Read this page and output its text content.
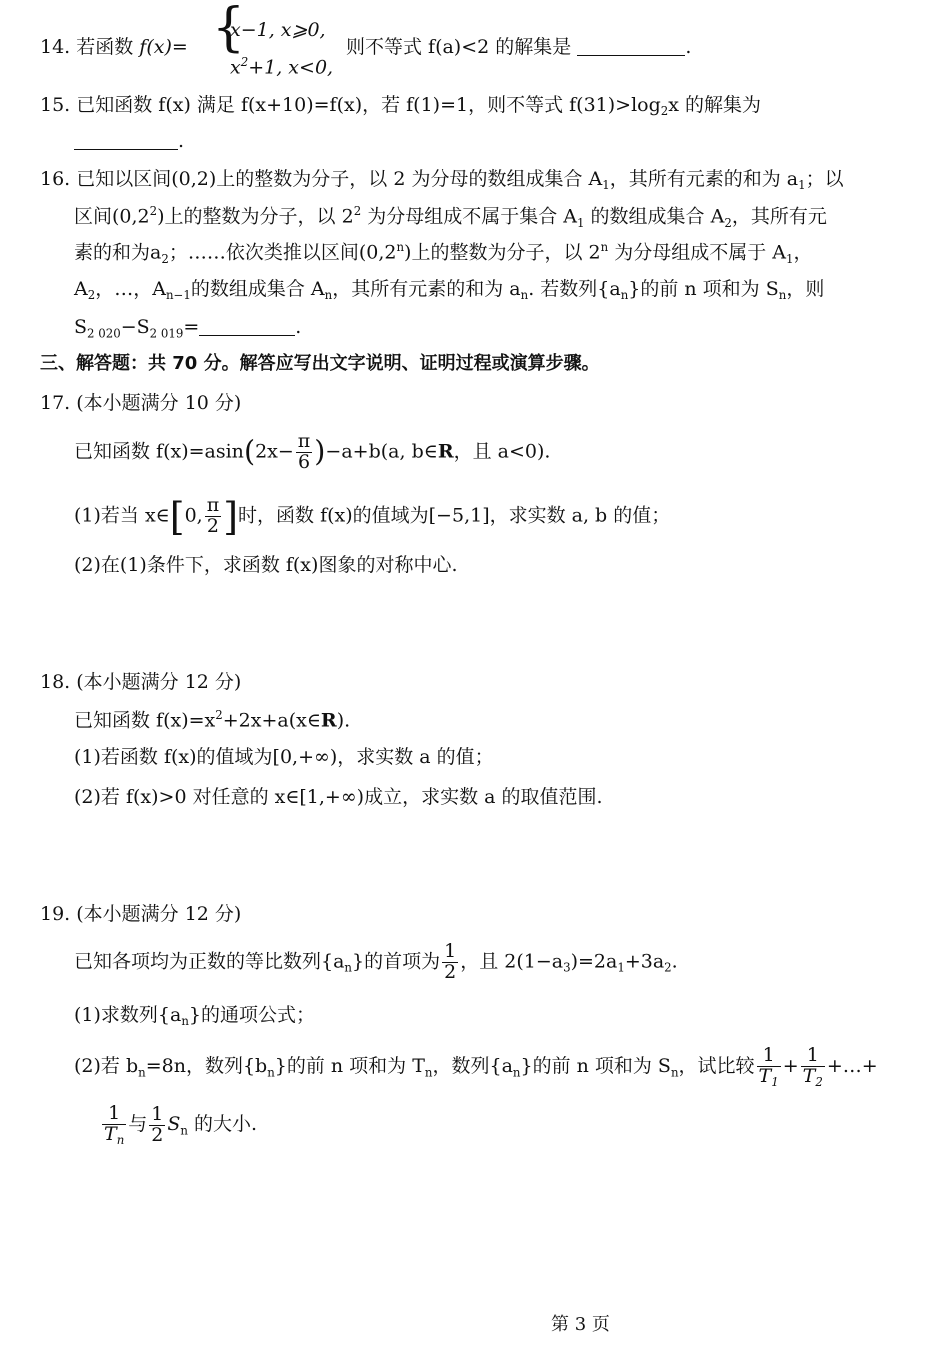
14. 若函数 f(x)= {
x−1, x⩾0,
$x^2+1$, x<0,
则不等式 f(a)<2 的解集是	.
15. 已知函数 f(x) 满足 f(x+10)=f(x)，若 f(1)=1，则不等式 $f(31)>\log_2x$ 的解集为
.
16. 已知以区间(0,2)上的整数为分子，以 2 为分母的数组成集合 $A_1$，其所有元素的和为 $a_1$；以
区间$(0,2^2)$上的整数为分子，以 $2^2$ 为分母组成不属于集合 $A_1$ 的数组成集合 $A_2$，其所有元
素的和为$a_2$；……依次类推以区间(0,2$^n$)上的整数为分子，以 2$^n$ 为分母组成不属于 $A_1$，
$A_2$，…，$A_{n-1}$的数组成集合 $A_n$，其所有元素的和为 $a_n$. 若数列$\{a_n\}$的前 n 项和为 $S_n$，则
$S_{2 020}-S_{2 019}=$	.
三、解答题：共 70 分。解答应写出文字说明、证明过程或演算步骤。
17. (本小题满分 10 分)
已知函数 $f(x)=asin(2x- \frac{\pi}{6} )-a+b(a$, b∈R，且 a<0).
(1)若当 x∈[0, $\frac{\pi}{2}$ ]时，函数 f(x)的值域为[−5,1]，求实数 a, b 的值；
(2)在(1)条件下，求函数 f(x)图象的对称中心.
18. (本小题满分 12 分)
已知函数 $f(x)=x^2+2x+a(x\in R)$.
(1)若函数 f(x)的值域为[0,+∞)，求实数 a 的值；
(2)若 f(x)>0 对任意的 x∈[1,+∞)成立，求实数 a 的取值范围.
19. (本小题满分 12 分)
已知各项均为正数的等比数列$\{a_n\}$的首项为 $\frac{1}{2}$ ，且 $2(1-a_3)=2a_1+3a_2$.
(1)求数列$\{a_n\}$的通项公式；
(2)若 $b_n=8n$，数列$\{b_n\}$的前 n 项和为 $T_n$，数列$\{a_n\}$的前 n 项和为 $S_n$，试比较 $\frac{1}{T_1} + \frac{1}{T_2}$ +…+
$\frac{1}{T_n}$ 与 $\frac{1}{2} S_n$ 的大小.
第 3 页
